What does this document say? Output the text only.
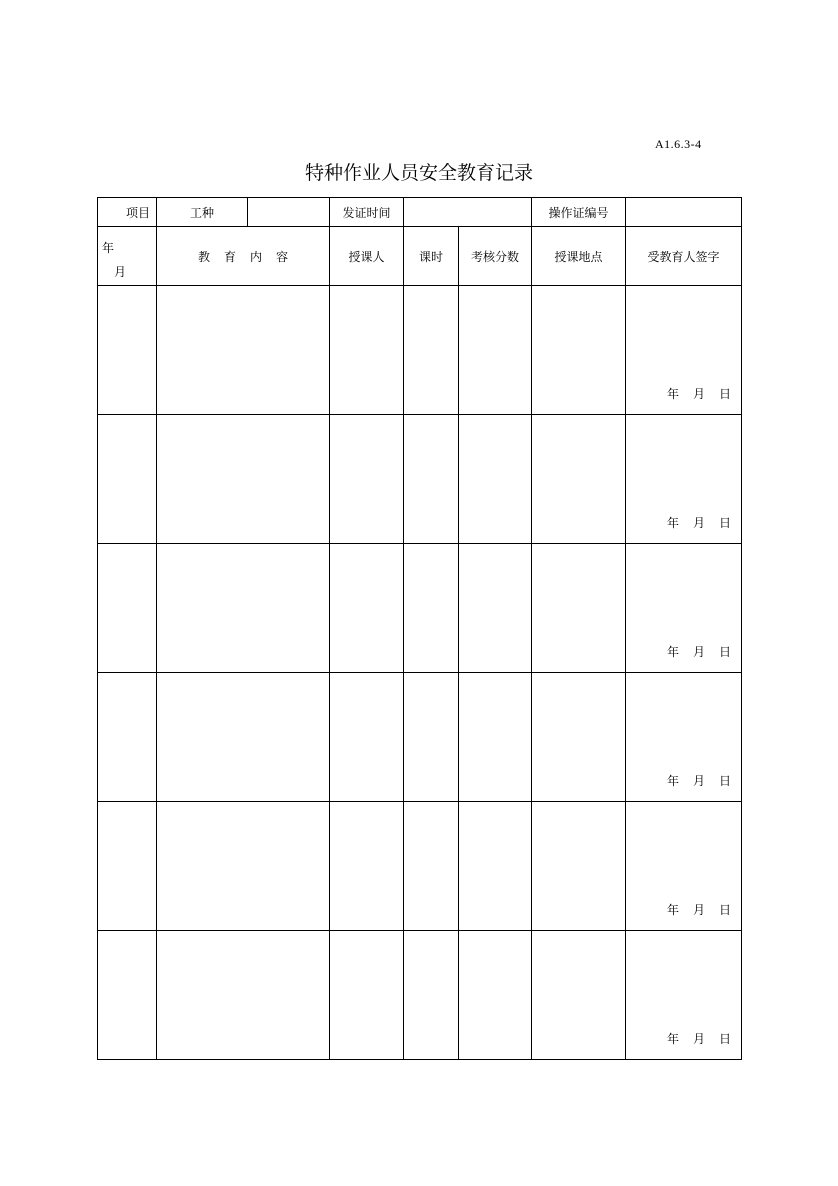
A1.6.3-4
特种作业人员安全教育记录
项目	工种		发证时间			操作证编号	

年
月	教育内容		授课人	课时	考核分数	授课地点	受教育人签字

							年 月 日

							年 月 日

							年 月 日

							年 月 日

							年 月 日

							年 月 日
